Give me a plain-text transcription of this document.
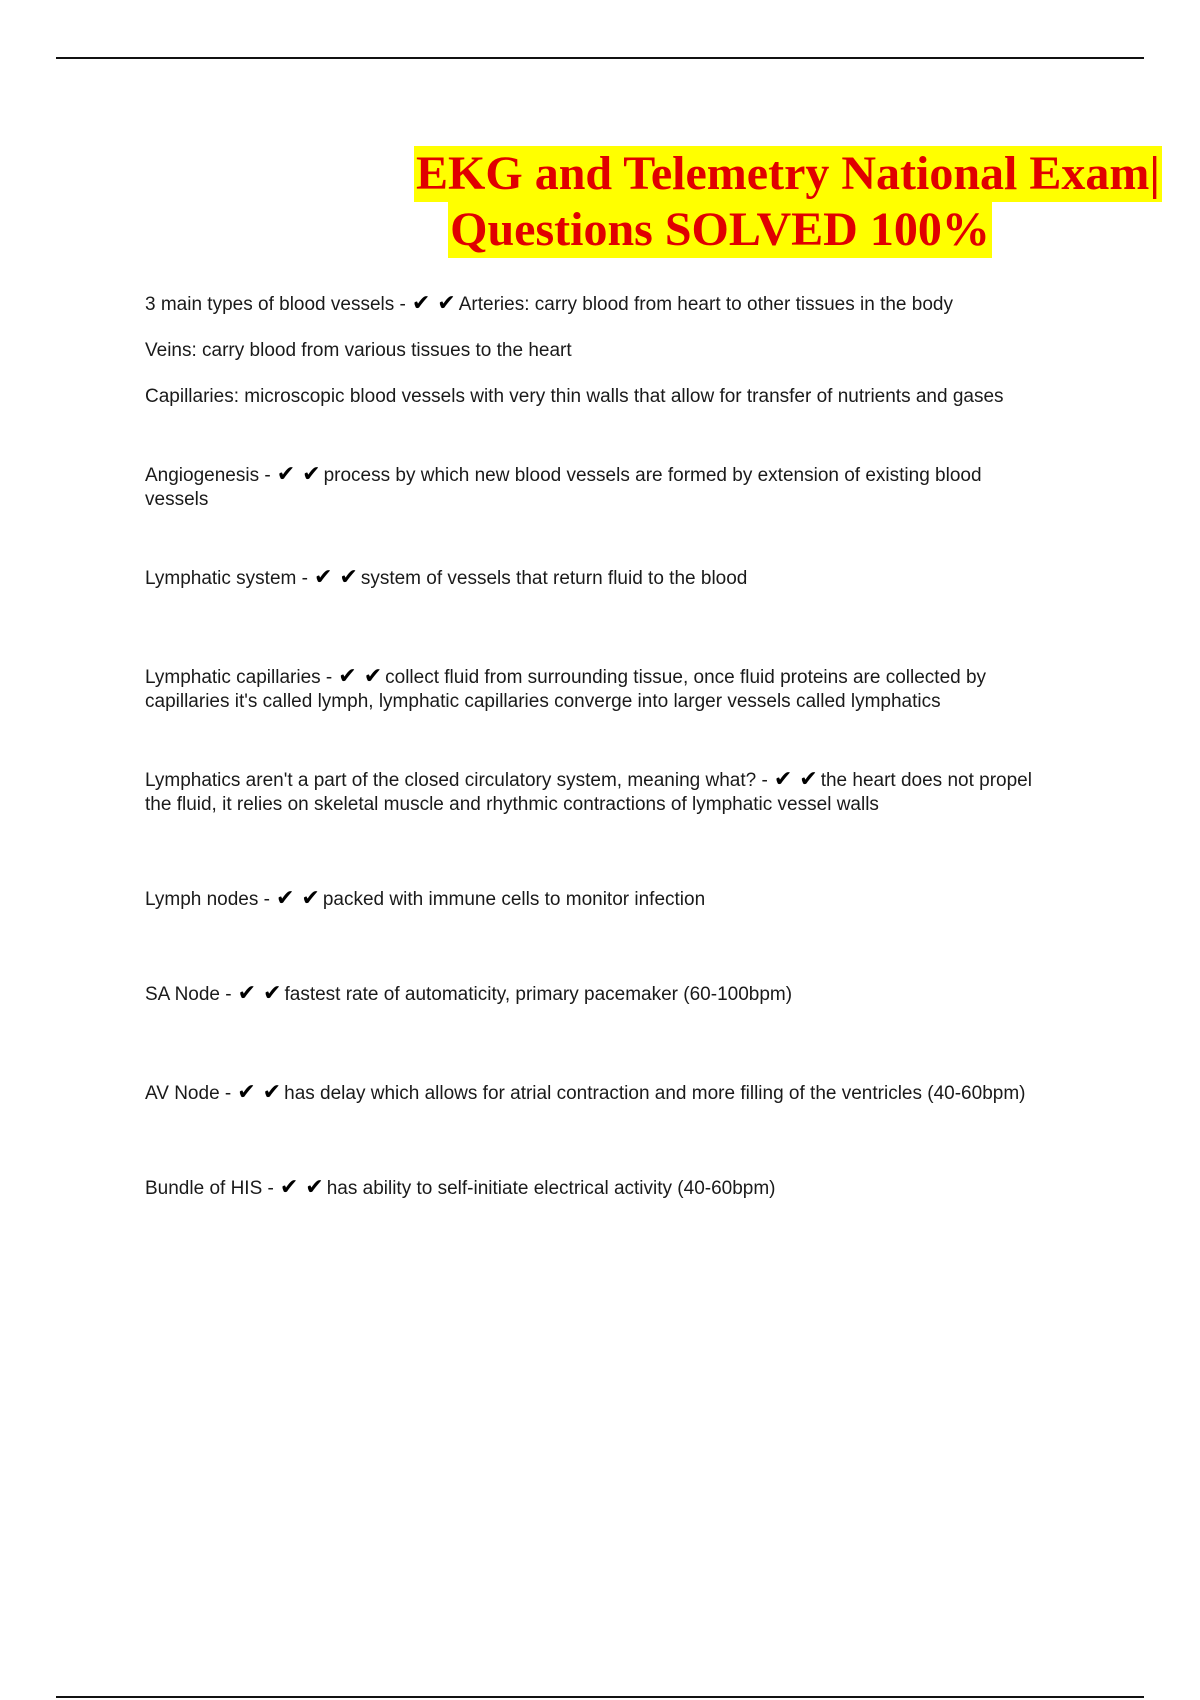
EKG and Telemetry National Exam|
Questions SOLVED 100%

3 main types of blood vessels - ✔ ✔ Arteries: carry blood from heart to other tissues in the body

Veins: carry blood from various tissues to the heart

Capillaries: microscopic blood vessels with very thin walls that allow for transfer of nutrients and gases

Angiogenesis - ✔ ✔ process by which new blood vessels are formed by extension of existing blood vessels

Lymphatic system - ✔ ✔ system of vessels that return fluid to the blood

Lymphatic capillaries - ✔ ✔ collect fluid from surrounding tissue, once fluid proteins are collected by capillaries it's called lymph, lymphatic capillaries converge into larger vessels called lymphatics

Lymphatics aren't a part of the closed circulatory system, meaning what? - ✔ ✔ the heart does not propel the fluid, it relies on skeletal muscle and rhythmic contractions of lymphatic vessel walls

Lymph nodes - ✔ ✔ packed with immune cells to monitor infection

SA Node - ✔ ✔ fastest rate of automaticity, primary pacemaker (60-100bpm)

AV Node - ✔ ✔ has delay which allows for atrial contraction and more filling of the ventricles (40-60bpm)

Bundle of HIS - ✔ ✔ has ability to self-initiate electrical activity (40-60bpm)
